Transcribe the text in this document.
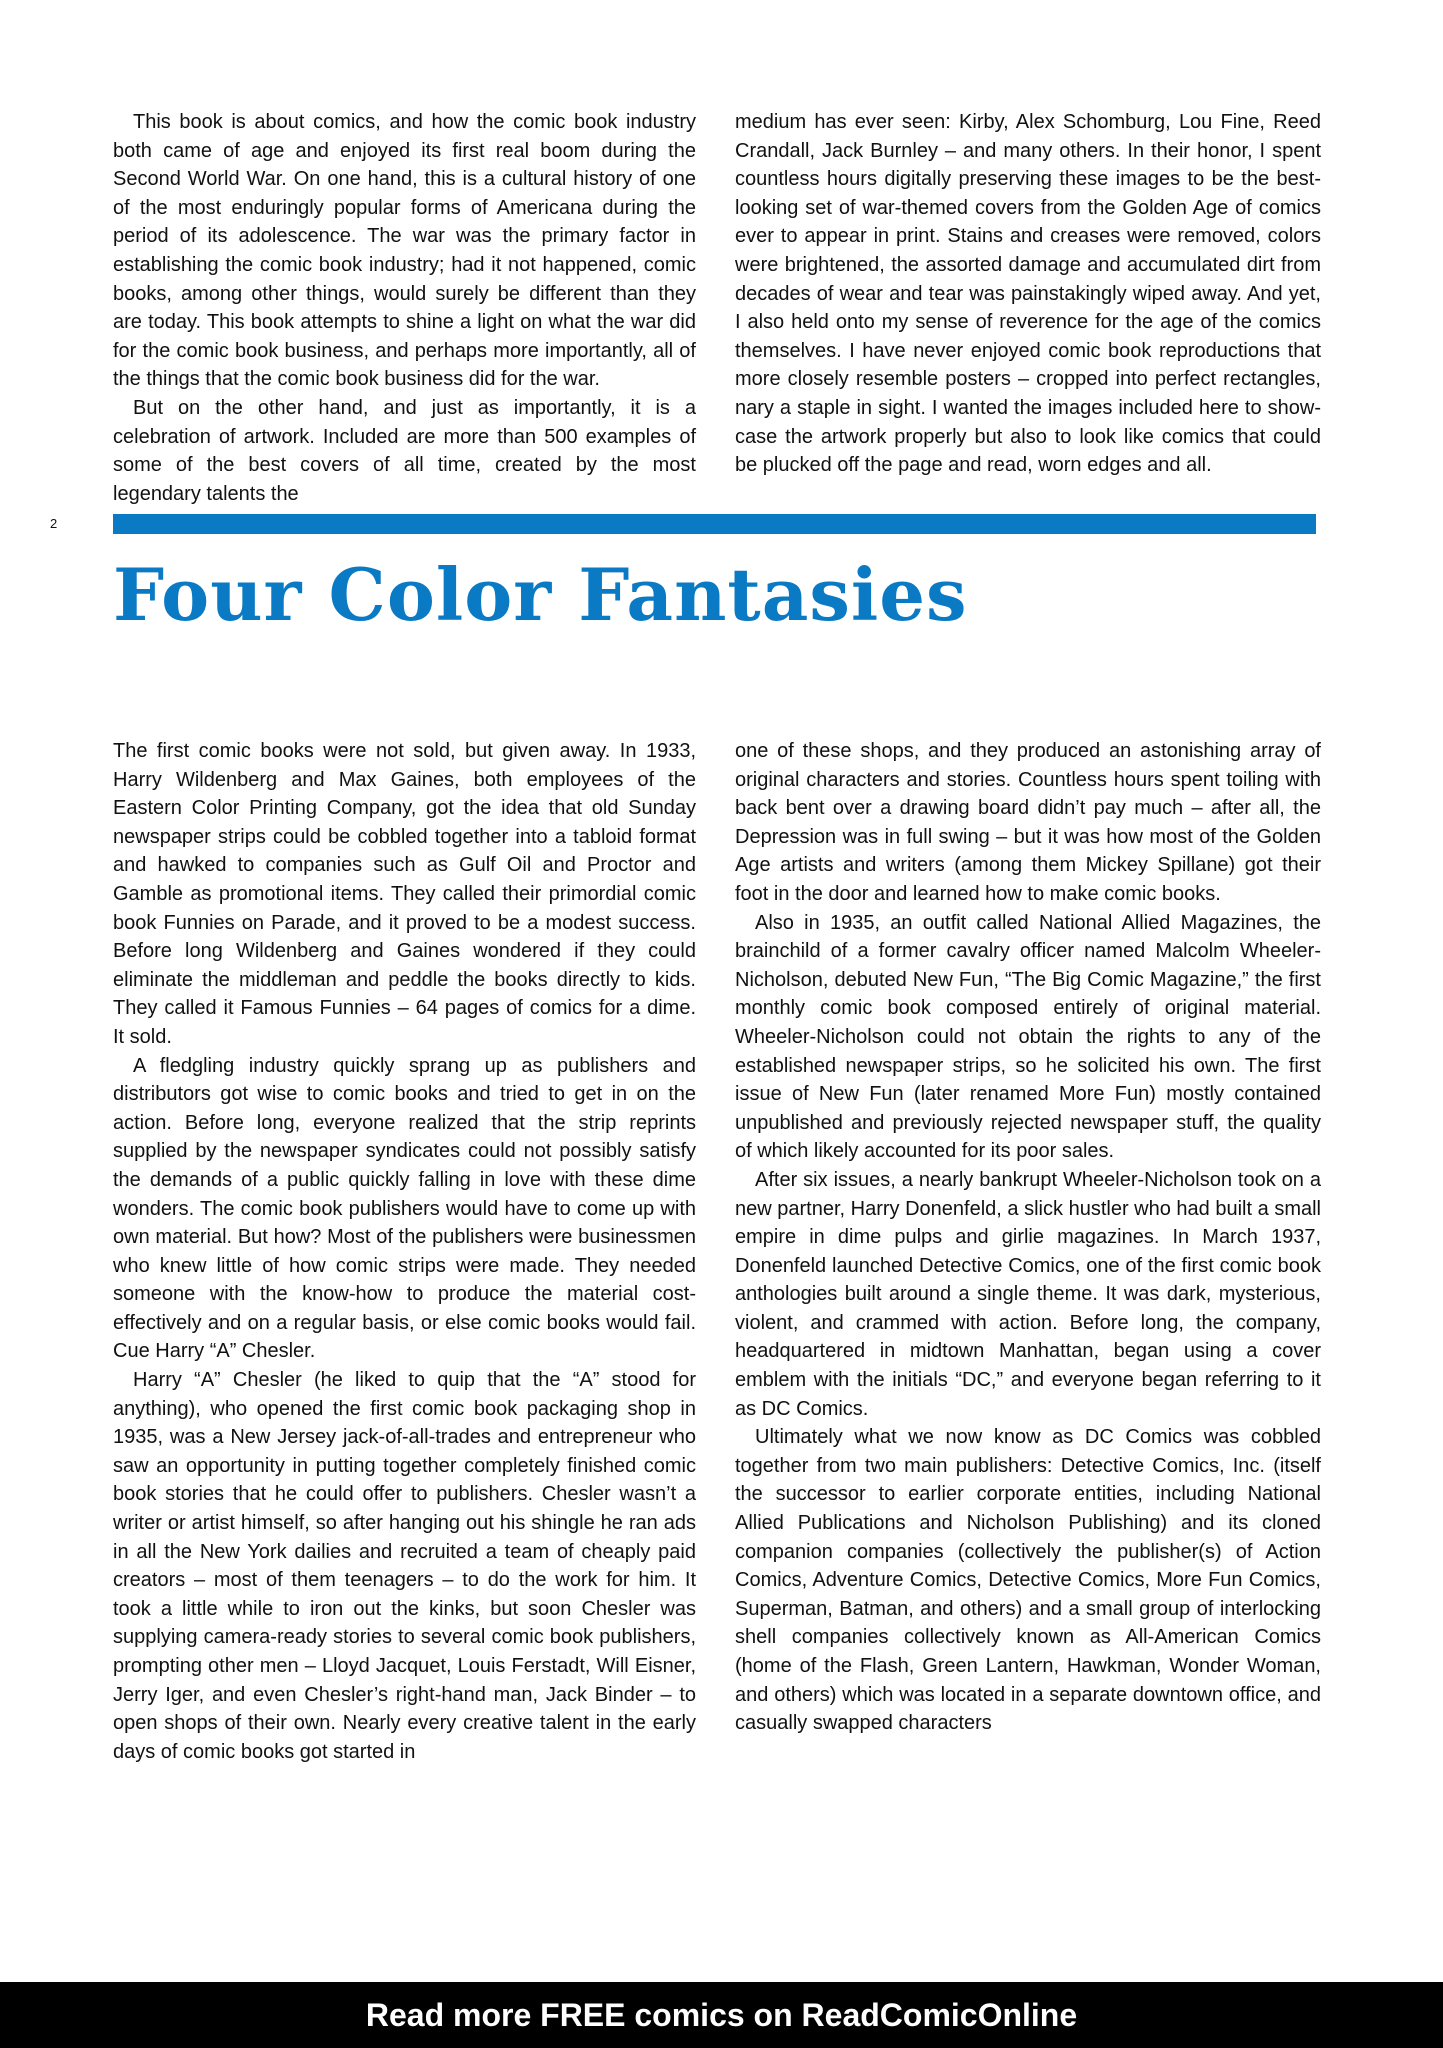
This book is about comics, and how the comic book industry both came of age and enjoyed its first real boom during the Second World War. On one hand, this is a cultural history of one of the most enduringly popular forms of Americana during the period of its adolescence. The war was the primary factor in establishing the comic book industry; had it not happened, comic books, among other things, would surely be different than they are today. This book attempts to shine a light on what the war did for the comic book business, and perhaps more importantly, all of the things that the comic book business did for the war.

But on the other hand, and just as importantly, it is a celebration of artwork. Included are more than 500 examples of some of the best covers of all time, created by the most legendary talents the

medium has ever seen: Kirby, Alex Schomburg, Lou Fine, Reed Crandall, Jack Burnley – and many others. In their honor, I spent countless hours digitally preserving these images to be the best-looking set of war-themed covers from the Golden Age of comics ever to appear in print. Stains and creases were removed, colors were brightened, the assorted damage and accumulated dirt from decades of wear and tear was painstakingly wiped away. And yet, I also held onto my sense of reverence for the age of the comics themselves. I have never enjoyed comic book reproductions that more closely resemble posters – cropped into perfect rectangles, nary a staple in sight. I wanted the images included here to show-case the artwork properly but also to look like comics that could be plucked off the page and read, worn edges and all.

2
Four Color Fantasies

The first comic books were not sold, but given away. In 1933, Harry Wildenberg and Max Gaines, both employees of the Eastern Color Printing Company, got the idea that old Sunday newspaper strips could be cobbled together into a tabloid format and hawked to companies such as Gulf Oil and Proctor and Gamble as promotional items. They called their primordial comic book Funnies on Parade, and it proved to be a modest success. Before long Wildenberg and Gaines wondered if they could eliminate the middleman and peddle the books directly to kids. They called it Famous Funnies – 64 pages of comics for a dime. It sold.

A fledgling industry quickly sprang up as publishers and distributors got wise to comic books and tried to get in on the action. Before long, everyone realized that the strip reprints supplied by the newspaper syndicates could not possibly satisfy the demands of a public quickly falling in love with these dime wonders. The comic book publishers would have to come up with own material. But how? Most of the publishers were businessmen who knew little of how comic strips were made. They needed someone with the know-how to produce the material cost-effectively and on a regular basis, or else comic books would fail. Cue Harry “A” Chesler.

Harry “A” Chesler (he liked to quip that the “A” stood for anything), who opened the first comic book packaging shop in 1935, was a New Jersey jack-of-all-trades and entrepreneur who saw an opportunity in putting together completely finished comic book stories that he could offer to publishers. Chesler wasn’t a writer or artist himself, so after hanging out his shingle he ran ads in all the New York dailies and recruited a team of cheaply paid creators – most of them teenagers – to do the work for him. It took a little while to iron out the kinks, but soon Chesler was supplying camera-ready stories to several comic book publishers, prompting other men – Lloyd Jacquet, Louis Ferstadt, Will Eisner, Jerry Iger, and even Chesler’s right-hand man, Jack Binder – to open shops of their own. Nearly every creative talent in the early days of comic books got started in

one of these shops, and they produced an astonishing array of original characters and stories. Countless hours spent toiling with back bent over a drawing board didn’t pay much – after all, the Depression was in full swing – but it was how most of the Golden Age artists and writers (among them Mickey Spillane) got their foot in the door and learned how to make comic books.

Also in 1935, an outfit called National Allied Magazines, the brainchild of a former cavalry officer named Malcolm Wheeler-Nicholson, debuted New Fun, “The Big Comic Magazine,” the first monthly comic book composed entirely of original material. Wheeler-Nicholson could not obtain the rights to any of the established newspaper strips, so he solicited his own. The first issue of New Fun (later renamed More Fun) mostly contained unpublished and previously rejected newspaper stuff, the quality of which likely accounted for its poor sales.

After six issues, a nearly bankrupt Wheeler-Nicholson took on a new partner, Harry Donenfeld, a slick hustler who had built a small empire in dime pulps and girlie magazines. In March 1937, Donenfeld launched Detective Comics, one of the first comic book anthologies built around a single theme. It was dark, mysterious, violent, and crammed with action. Before long, the company, headquartered in midtown Manhattan, began using a cover emblem with the initials “DC,” and everyone began referring to it as DC Comics.

Ultimately what we now know as DC Comics was cobbled together from two main publishers: Detective Comics, Inc. (itself the successor to earlier corporate entities, including National Allied Publications and Nicholson Publishing) and its cloned companion companies (collectively the publisher(s) of Action Comics, Adventure Comics, Detective Comics, More Fun Comics, Superman, Batman, and others) and a small group of interlocking shell companies collectively known as All-American Comics (home of the Flash, Green Lantern, Hawkman, Wonder Woman, and others) which was located in a separate downtown office, and casually swapped characters

Read more FREE comics on ReadComicOnline
